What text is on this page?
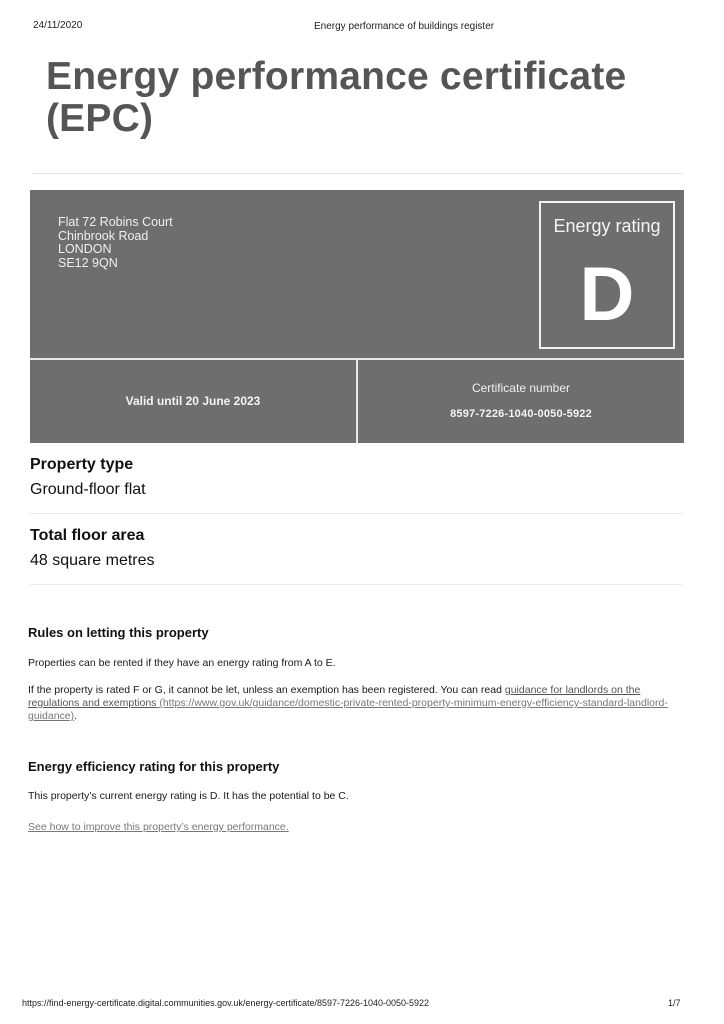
24/11/2020	Energy performance of buildings register
Energy performance certificate
(EPC)
Flat 72 Robins Court
Chinbrook Road
LONDON
SE12 9QN
Energy rating
D
Valid until 20 June 2023
Certificate number
8597-7226-1040-0050-5922
Property type
Ground-floor flat
Total floor area
48 square metres
Rules on letting this property
Properties can be rented if they have an energy rating from A to E.
If the property is rated F or G, it cannot be let, unless an exemption has been registered. You can read guidance for landlords on the regulations and exemptions (https://www.gov.uk/guidance/domestic-private-rented-property-minimum-energy-efficiency-standard-landlord-guidance).
Energy efficiency rating for this property
This property’s current energy rating is D. It has the potential to be C.
See how to improve this property’s energy performance.
https://find-energy-certificate.digital.communities.gov.uk/energy-certificate/8597-7226-1040-0050-5922	1/7
